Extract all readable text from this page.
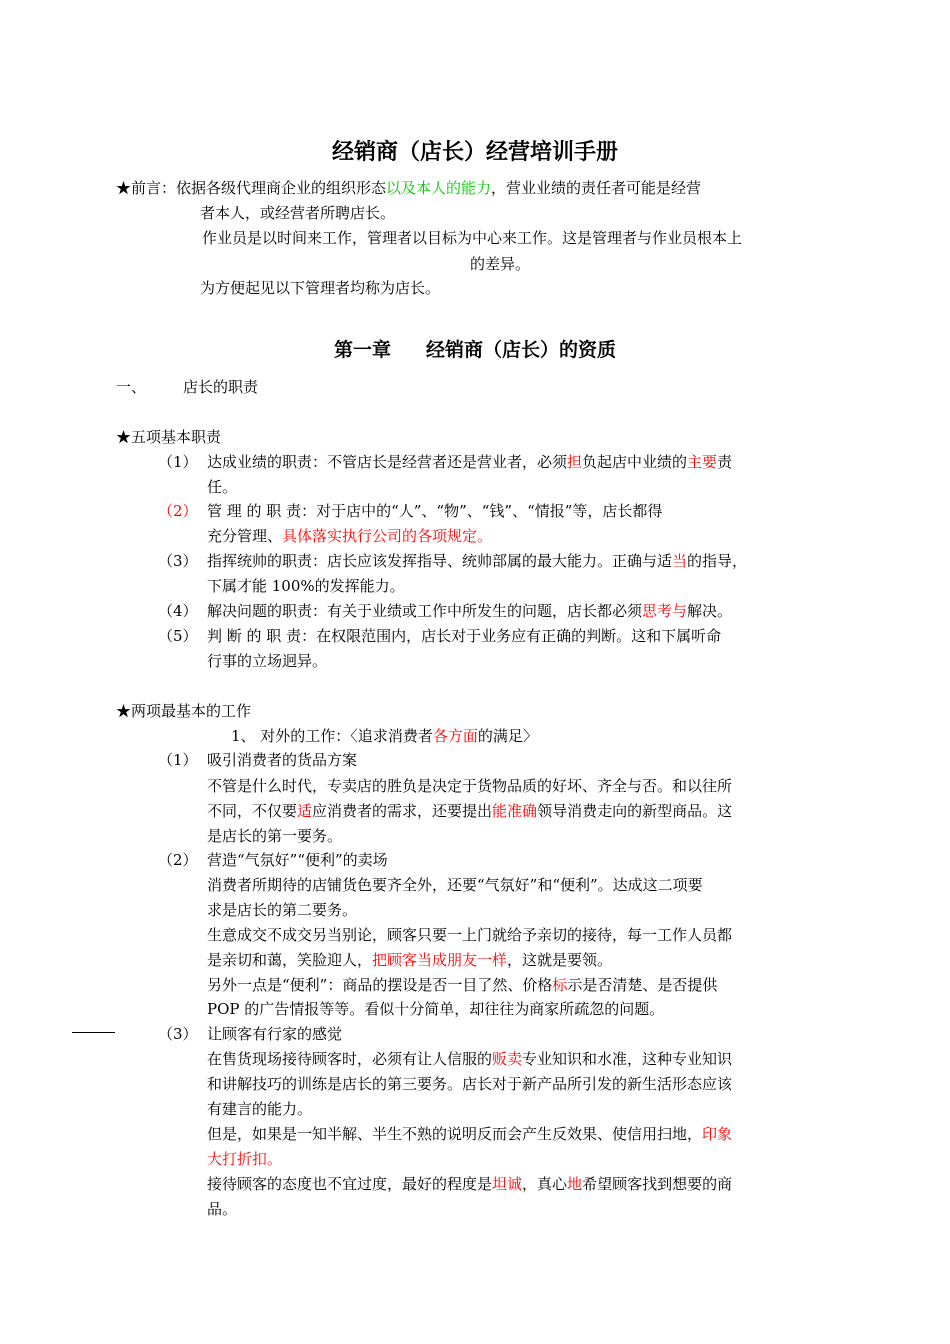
经销商（店长）经营培训手册
★前言：依据各级代理商企业的组织形态以及本人的能力，营业业绩的责任者可能是经营
者本人，或经营者所聘店长。
作业员是以时间来工作，管理者以目标为中心来工作。这是管理者与作业员根本上
的差异。
为方便起见以下管理者均称为店长。
第一章 经销商（店长）的资质
一、 店长的职责
★五项基本职责
（1） 达成业绩的职责：不管店长是经营者还是营业者，必须担负起店中业绩的主要责
任。
（2） 管 理 的 职 责：对于店中的“人”、“物”、“钱”、“情报”等，店长都得
充分管理、具体落实执行公司的各项规定。
（3） 指挥统帅的职责：店长应该发挥指导、统帅部属的最大能力。正确与适当的指导，
下属才能 100%的发挥能力。
（4） 解决问题的职责：有关于业绩或工作中所发生的问题，店长都必须思考与解决。
（5） 判 断 的 职 责：在权限范围内，店长对于业务应有正确的判断。这和下属听命
行事的立场迥异。
★两项最基本的工作
1、 对外的工作：〈追求消费者各方面的满足〉
（1） 吸引消费者的货品方案
不管是什么时代，专卖店的胜负是决定于货物品质的好坏、齐全与否。和以往所
不同，不仅要适应消费者的需求，还要提出能准确领导消费走向的新型商品。这
是店长的第一要务。
（2） 营造“气氛好”“便利”的卖场
消费者所期待的店铺货色要齐全外，还要“气氛好”和“便利”。达成这二项要
求是店长的第二要务。
生意成交不成交另当别论，顾客只要一上门就给予亲切的接待，每一工作人员都
是亲切和蔼，笑脸迎人，把顾客当成朋友一样，这就是要领。
另外一点是“便利”：商品的摆设是否一目了然、价格标示是否清楚、是否提供
POP 的广告情报等等。看似十分简单，却往往为商家所疏忽的问题。
（3） 让顾客有行家的感觉
在售货现场接待顾客时，必须有让人信服的贩卖专业知识和水准，这种专业知识
和讲解技巧的训练是店长的第三要务。店长对于新产品所引发的新生活形态应该
有建言的能力。
但是，如果是一知半解、半生不熟的说明反而会产生反效果、使信用扫地，印象
大打折扣。
接待顾客的态度也不宜过度，最好的程度是坦诚，真心地希望顾客找到想要的商
品。
